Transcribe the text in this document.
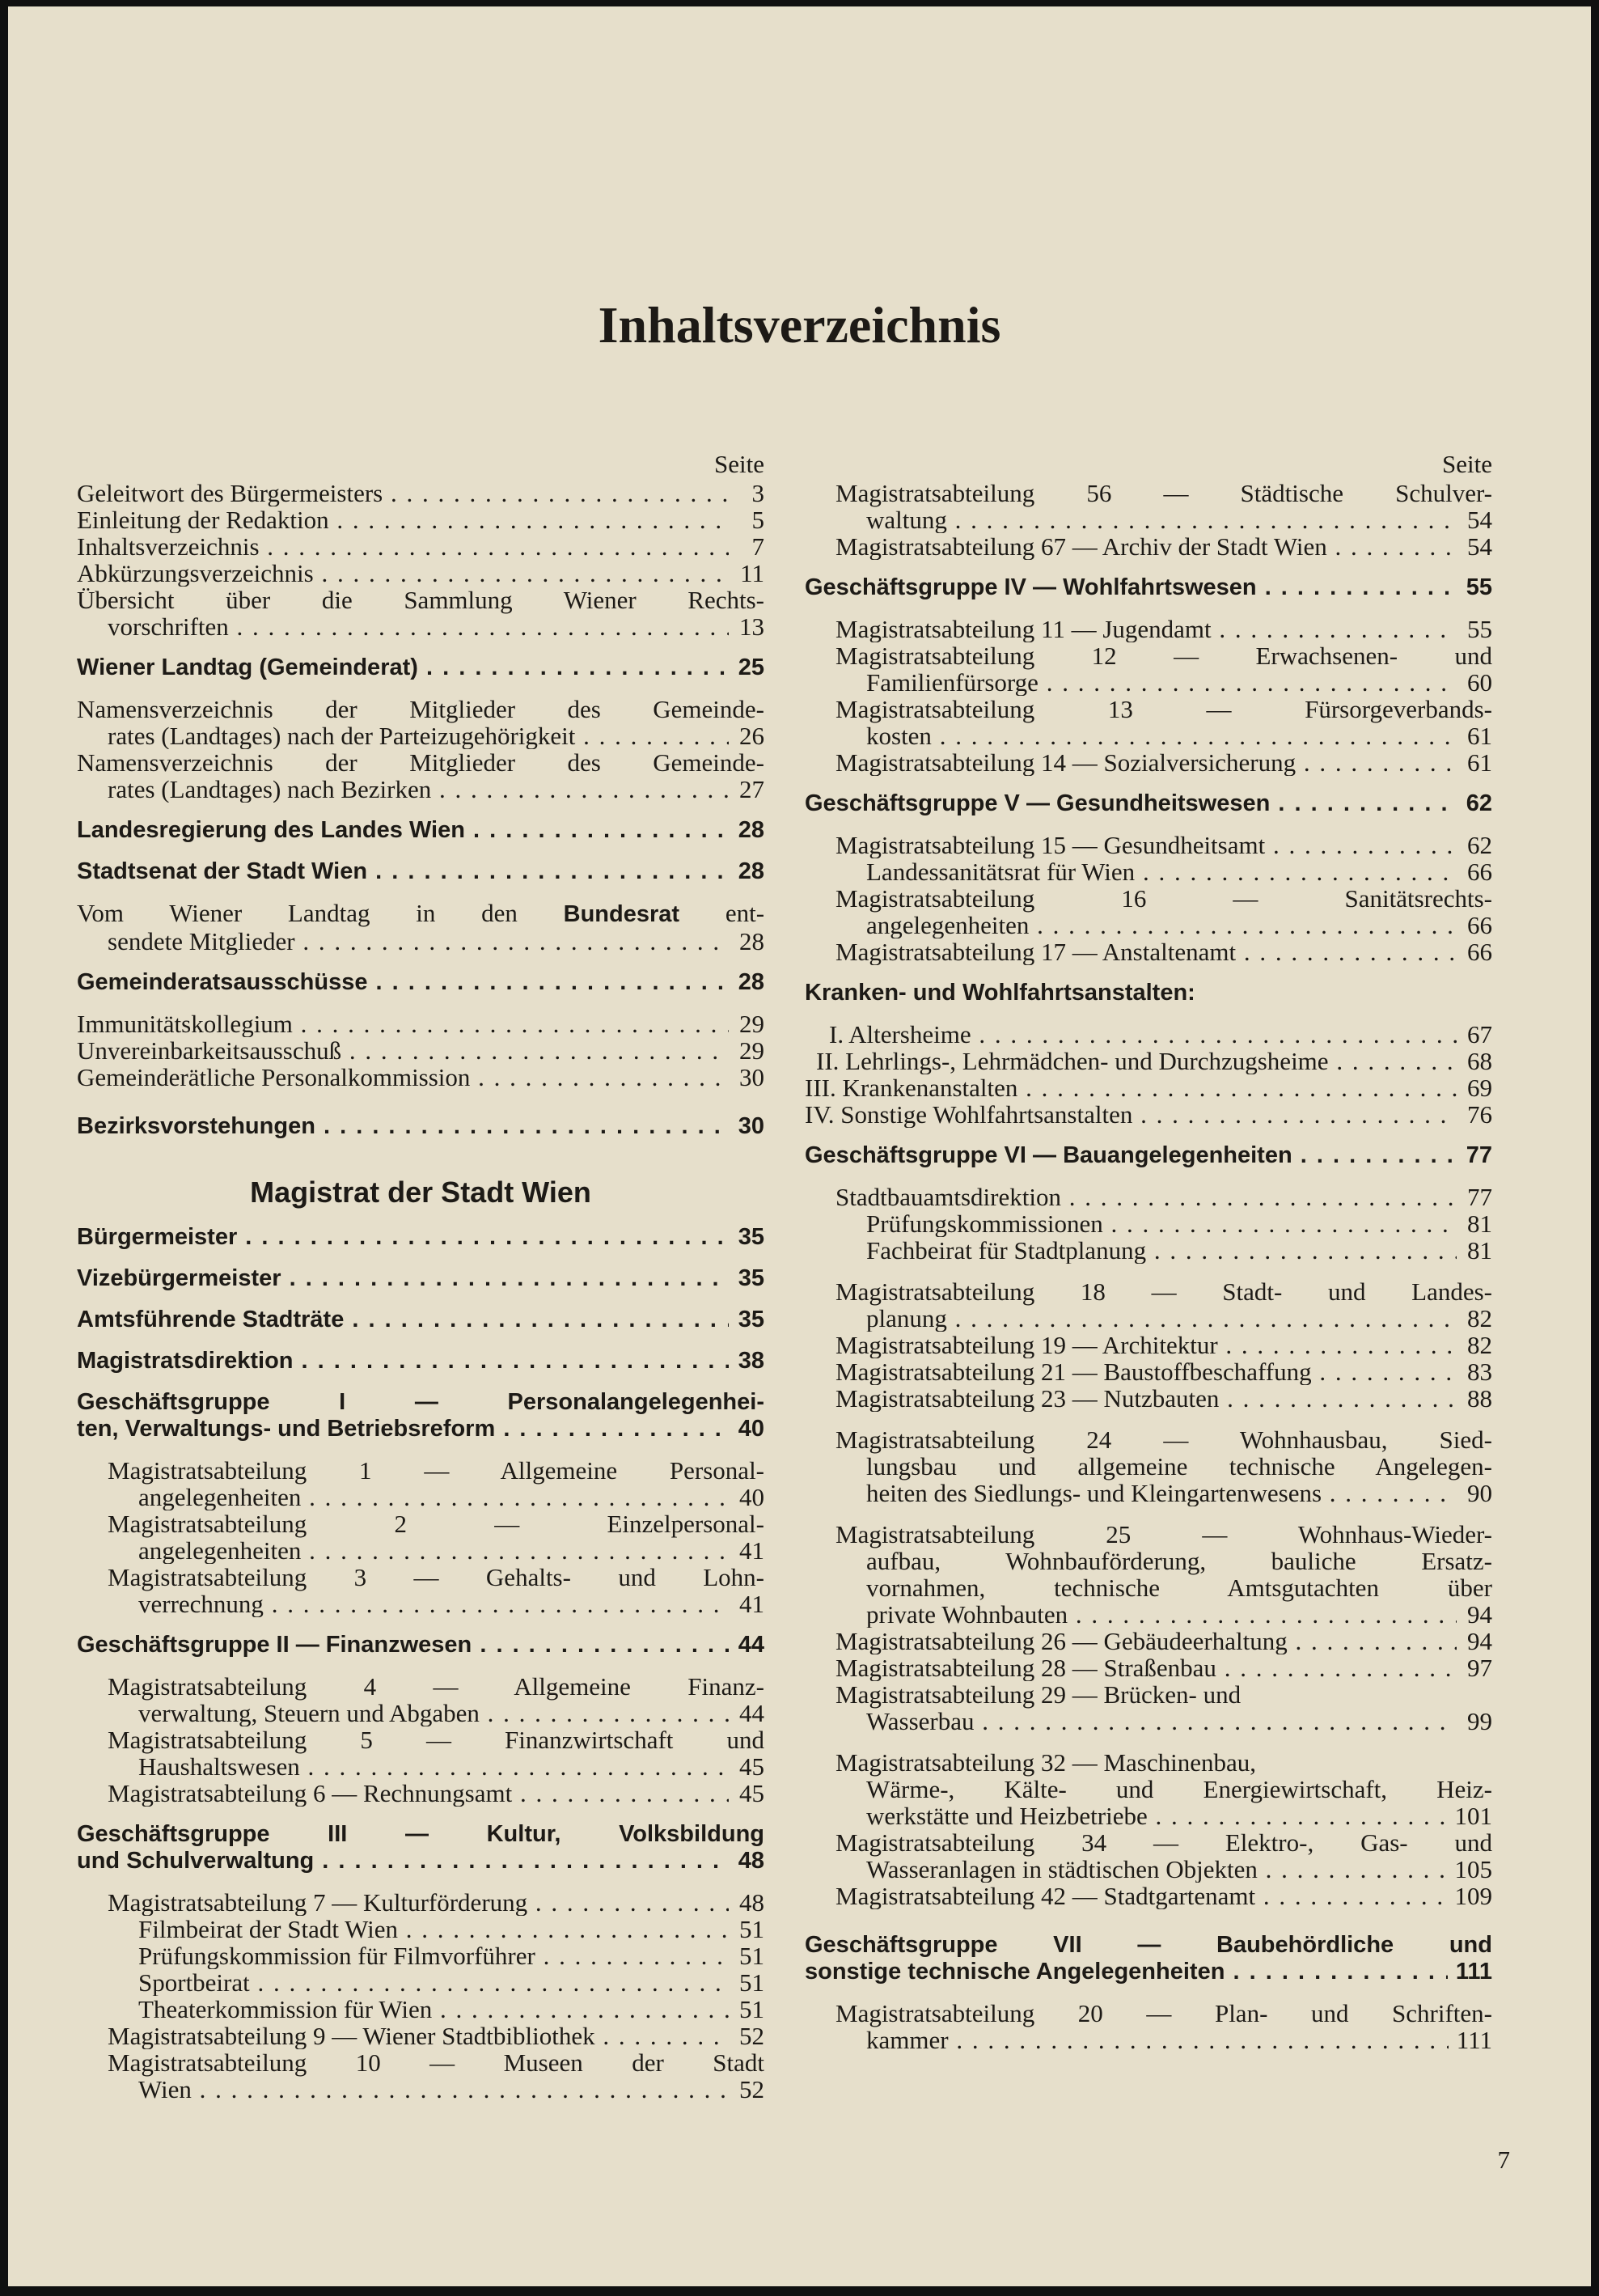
Inhaltsverzeichnis
Seite
Geleitwort des Bürgermeisters . . .	3
Einleitung der Redaktion . . .	5
Inhaltsverzeichnis . . .	7
Abkürzungsverzeichnis . . .	11
Übersicht über die Sammlung Wiener Rechts-
vorschriften . . .	13
Wiener Landtag (Gemeinderat) . . .	25
Namensverzeichnis der Mitglieder des Gemeinde-
rates (Landtages) nach der Parteizugehörigkeit . . .	26
Namensverzeichnis der Mitglieder des Gemeinde-
rates (Landtages) nach Bezirken . . .	27
Landesregierung des Landes Wien . . .	28
Stadtsenat der Stadt Wien . . .	28
Vom Wiener Landtag in den Bundesrat ent-
sendete Mitglieder . . .	28
Gemeinderatsausschüsse . . .	28
Immunitätskollegium . . .	29
Unvereinbarkeitsausschuß . . .	29
Gemeinderätliche Personalkommission . . .	30
Bezirksvorstehungen . . .	30
Magistrat der Stadt Wien
Bürgermeister . . .	35
Vizebürgermeister . . .	35
Amtsführende Stadträte . . .	35
Magistratsdirektion . . .	38
Geschäftsgruppe I — Personalangelegenhei-
ten, Verwaltungs- und Betriebsreform . . .	40
Magistratsabteilung 1 — Allgemeine Personal-
angelegenheiten . . .	40
Magistratsabteilung 2 — Einzelpersonal-
angelegenheiten . . .	41
Magistratsabteilung 3 — Gehalts- und Lohn-
verrechnung . . .	41
Geschäftsgruppe II — Finanzwesen . . .	44
Magistratsabteilung 4 — Allgemeine Finanz-
verwaltung, Steuern und Abgaben . . .	44
Magistratsabteilung 5 — Finanzwirtschaft und
Haushaltswesen . . .	45
Magistratsabteilung 6 — Rechnungsamt . . .	45
Geschäftsgruppe III — Kultur, Volksbildung
und Schulverwaltung . . .	48
Magistratsabteilung 7 — Kulturförderung . . .	48
Filmbeirat der Stadt Wien . . .	51
Prüfungskommission für Filmvorführer . . .	51
Sportbeirat . . .	51
Theaterkommission für Wien . . .	51
Magistratsabteilung 9 — Wiener Stadtbibliothek . . .	52
Magistratsabteilung 10 — Museen der Stadt
Wien . . .	52
Seite
Magistratsabteilung 56 — Städtische Schulver-
waltung . . .	54
Magistratsabteilung 67 — Archiv der Stadt Wien . . .	54
Geschäftsgruppe IV — Wohlfahrtswesen . . .	55
Magistratsabteilung 11 — Jugendamt . . .	55
Magistratsabteilung 12 — Erwachsenen- und
Familienfürsorge . . .	60
Magistratsabteilung 13 — Fürsorgeverbands-
kosten . . .	61
Magistratsabteilung 14 — Sozialversicherung . . .	61
Geschäftsgruppe V — Gesundheitswesen . . .	62
Magistratsabteilung 15 — Gesundheitsamt . . .	62
Landessanitätsrat für Wien . . .	66
Magistratsabteilung 16 — Sanitätsrechts-
angelegenheiten . . .	66
Magistratsabteilung 17 — Anstaltenamt . . .	66
Kranken- und Wohlfahrtsanstalten:
I. Altersheime . . .	67
II. Lehrlings-, Lehrmädchen- und Durchzugsheime . . .	68
III. Krankenanstalten . . .	69
IV. Sonstige Wohlfahrtsanstalten . . .	76
Geschäftsgruppe VI — Bauangelegenheiten . . .	77
Stadtbauamtsdirektion . . .	77
Prüfungskommissionen . . .	81
Fachbeirat für Stadtplanung . . .	81
Magistratsabteilung 18 — Stadt- und Landes-
planung . . .	82
Magistratsabteilung 19 — Architektur . . .	82
Magistratsabteilung 21 — Baustoffbeschaffung . . .	83
Magistratsabteilung 23 — Nutzbauten . . .	88
Magistratsabteilung 24 — Wohnhausbau, Sied-
lungsbau und allgemeine technische Angelegen-
heiten des Siedlungs- und Kleingartenwesens . . .	90
Magistratsabteilung 25 — Wohnhaus-Wieder-
aufbau, Wohnbauförderung, bauliche Ersatz-
vornahmen, technische Amtsgutachten über
private Wohnbauten . . .	94
Magistratsabteilung 26 — Gebäudeerhaltung . . .	94
Magistratsabteilung 28 — Straßenbau . . .	97
Magistratsabteilung 29 — Brücken- und
Wasserbau . . .	99
Magistratsabteilung 32 — Maschinenbau,
Wärme-, Kälte- und Energiewirtschaft, Heiz-
werkstätte und Heizbetriebe . . .	101
Magistratsabteilung 34 — Elektro-, Gas- und
Wasseranlagen in städtischen Objekten . . .	105
Magistratsabteilung 42 — Stadtgartenamt . . .	109
Geschäftsgruppe VII — Baubehördliche und
sonstige technische Angelegenheiten . . .	111
Magistratsabteilung 20 — Plan- und Schriften-
kammer . . .	111
7
